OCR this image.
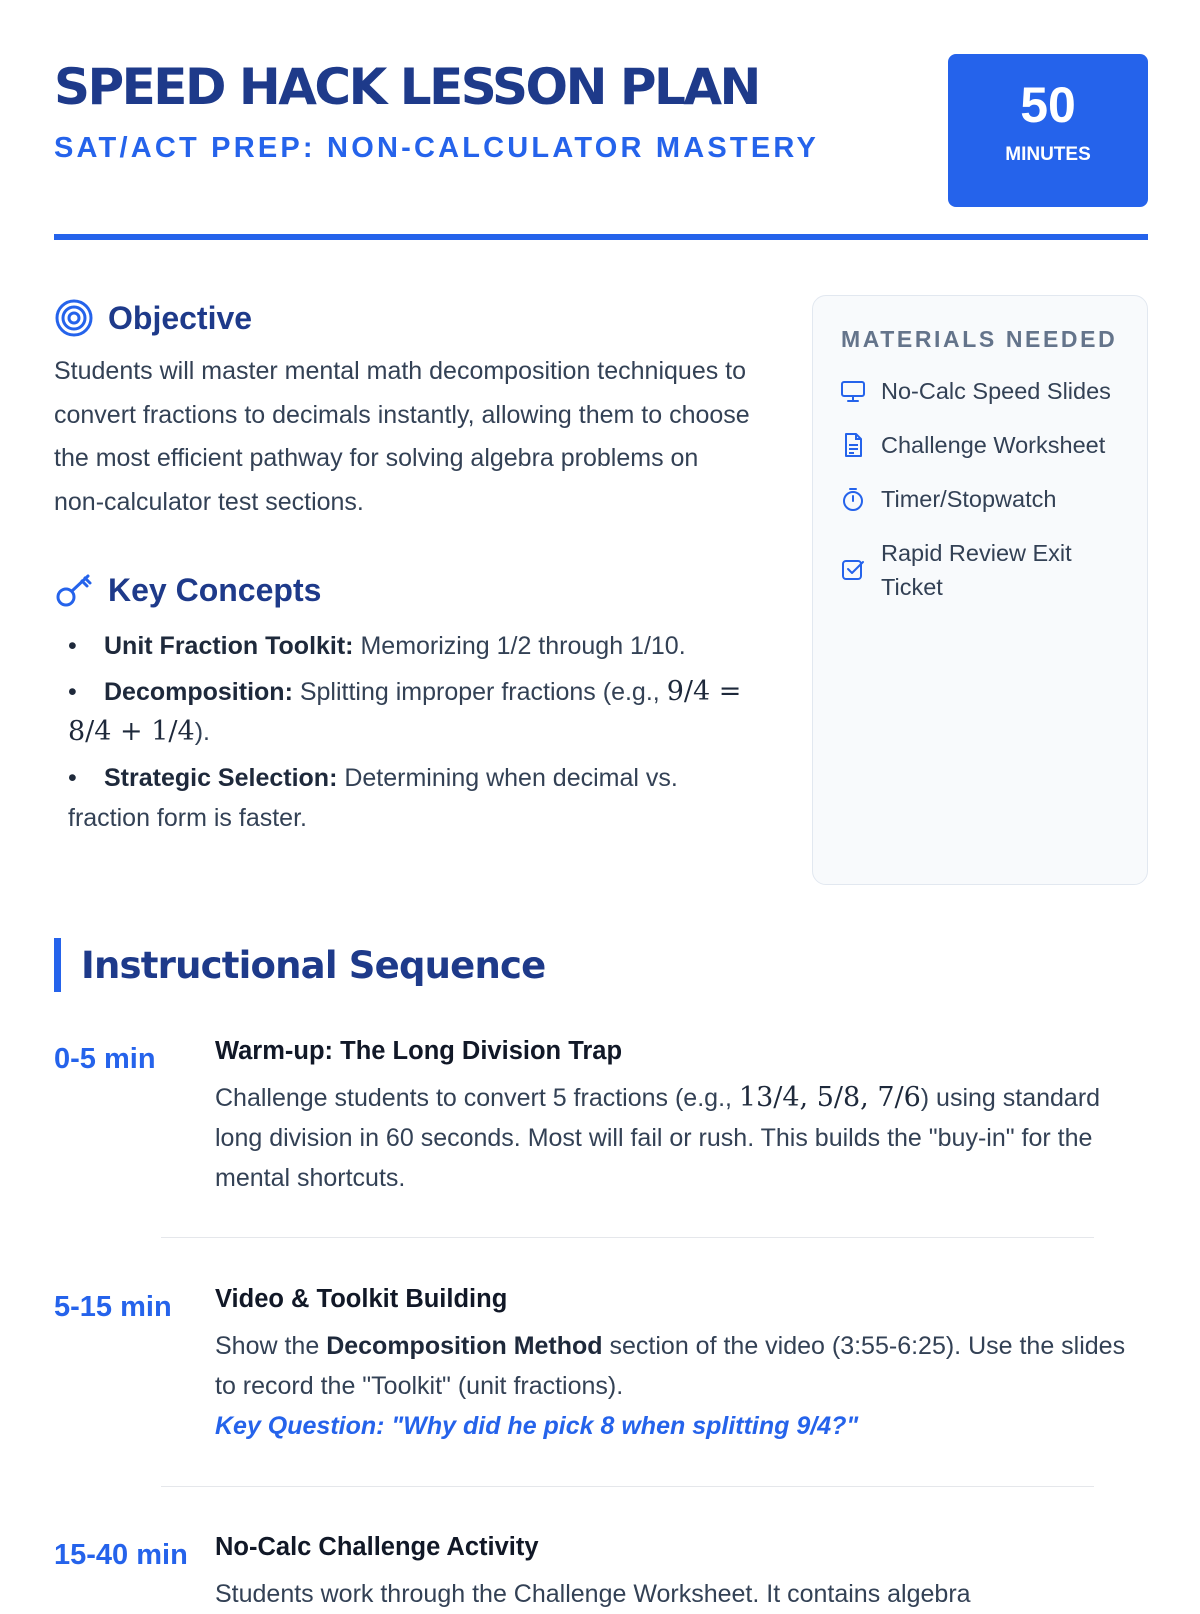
SPEED HACK LESSON PLAN
SAT/ACT PREP: NON-CALCULATOR MASTERY
50
MINUTES
Objective

Students will master mental math decomposition techniques to convert fractions to decimals instantly, allowing them to choose the most efficient pathway for solving algebra problems on non-calculator test sections.

Key Concepts
• Unit Fraction Toolkit: Memorizing 1/2 through 1/10.
• Decomposition: Splitting improper fractions (e.g., 9/4 = 8/4 + 1/4).
• Strategic Selection: Determining when decimal vs. fraction form is faster.
MATERIALS NEEDED
No-Calc Speed Slides
Challenge Worksheet
Timer/Stopwatch
Rapid Review Exit Ticket
Instructional Sequence
0-5 min	Warm-up: The Long Division Trap

Challenge students to convert 5 fractions (e.g., 13/4, 5/8, 7/6) using standard long division in 60 seconds. Most will fail or rush. This builds the "buy-in" for the mental shortcuts.

5-15 min	Video & Toolkit Building

Show the Decomposition Method section of the video (3:55-6:25). Use the slides to record the "Toolkit" (unit fractions).
Key Question: "Why did he pick 8 when splitting 9/4?"

15-40 min	No-Calc Challenge Activity

Students work through the Challenge Worksheet. It contains algebra
